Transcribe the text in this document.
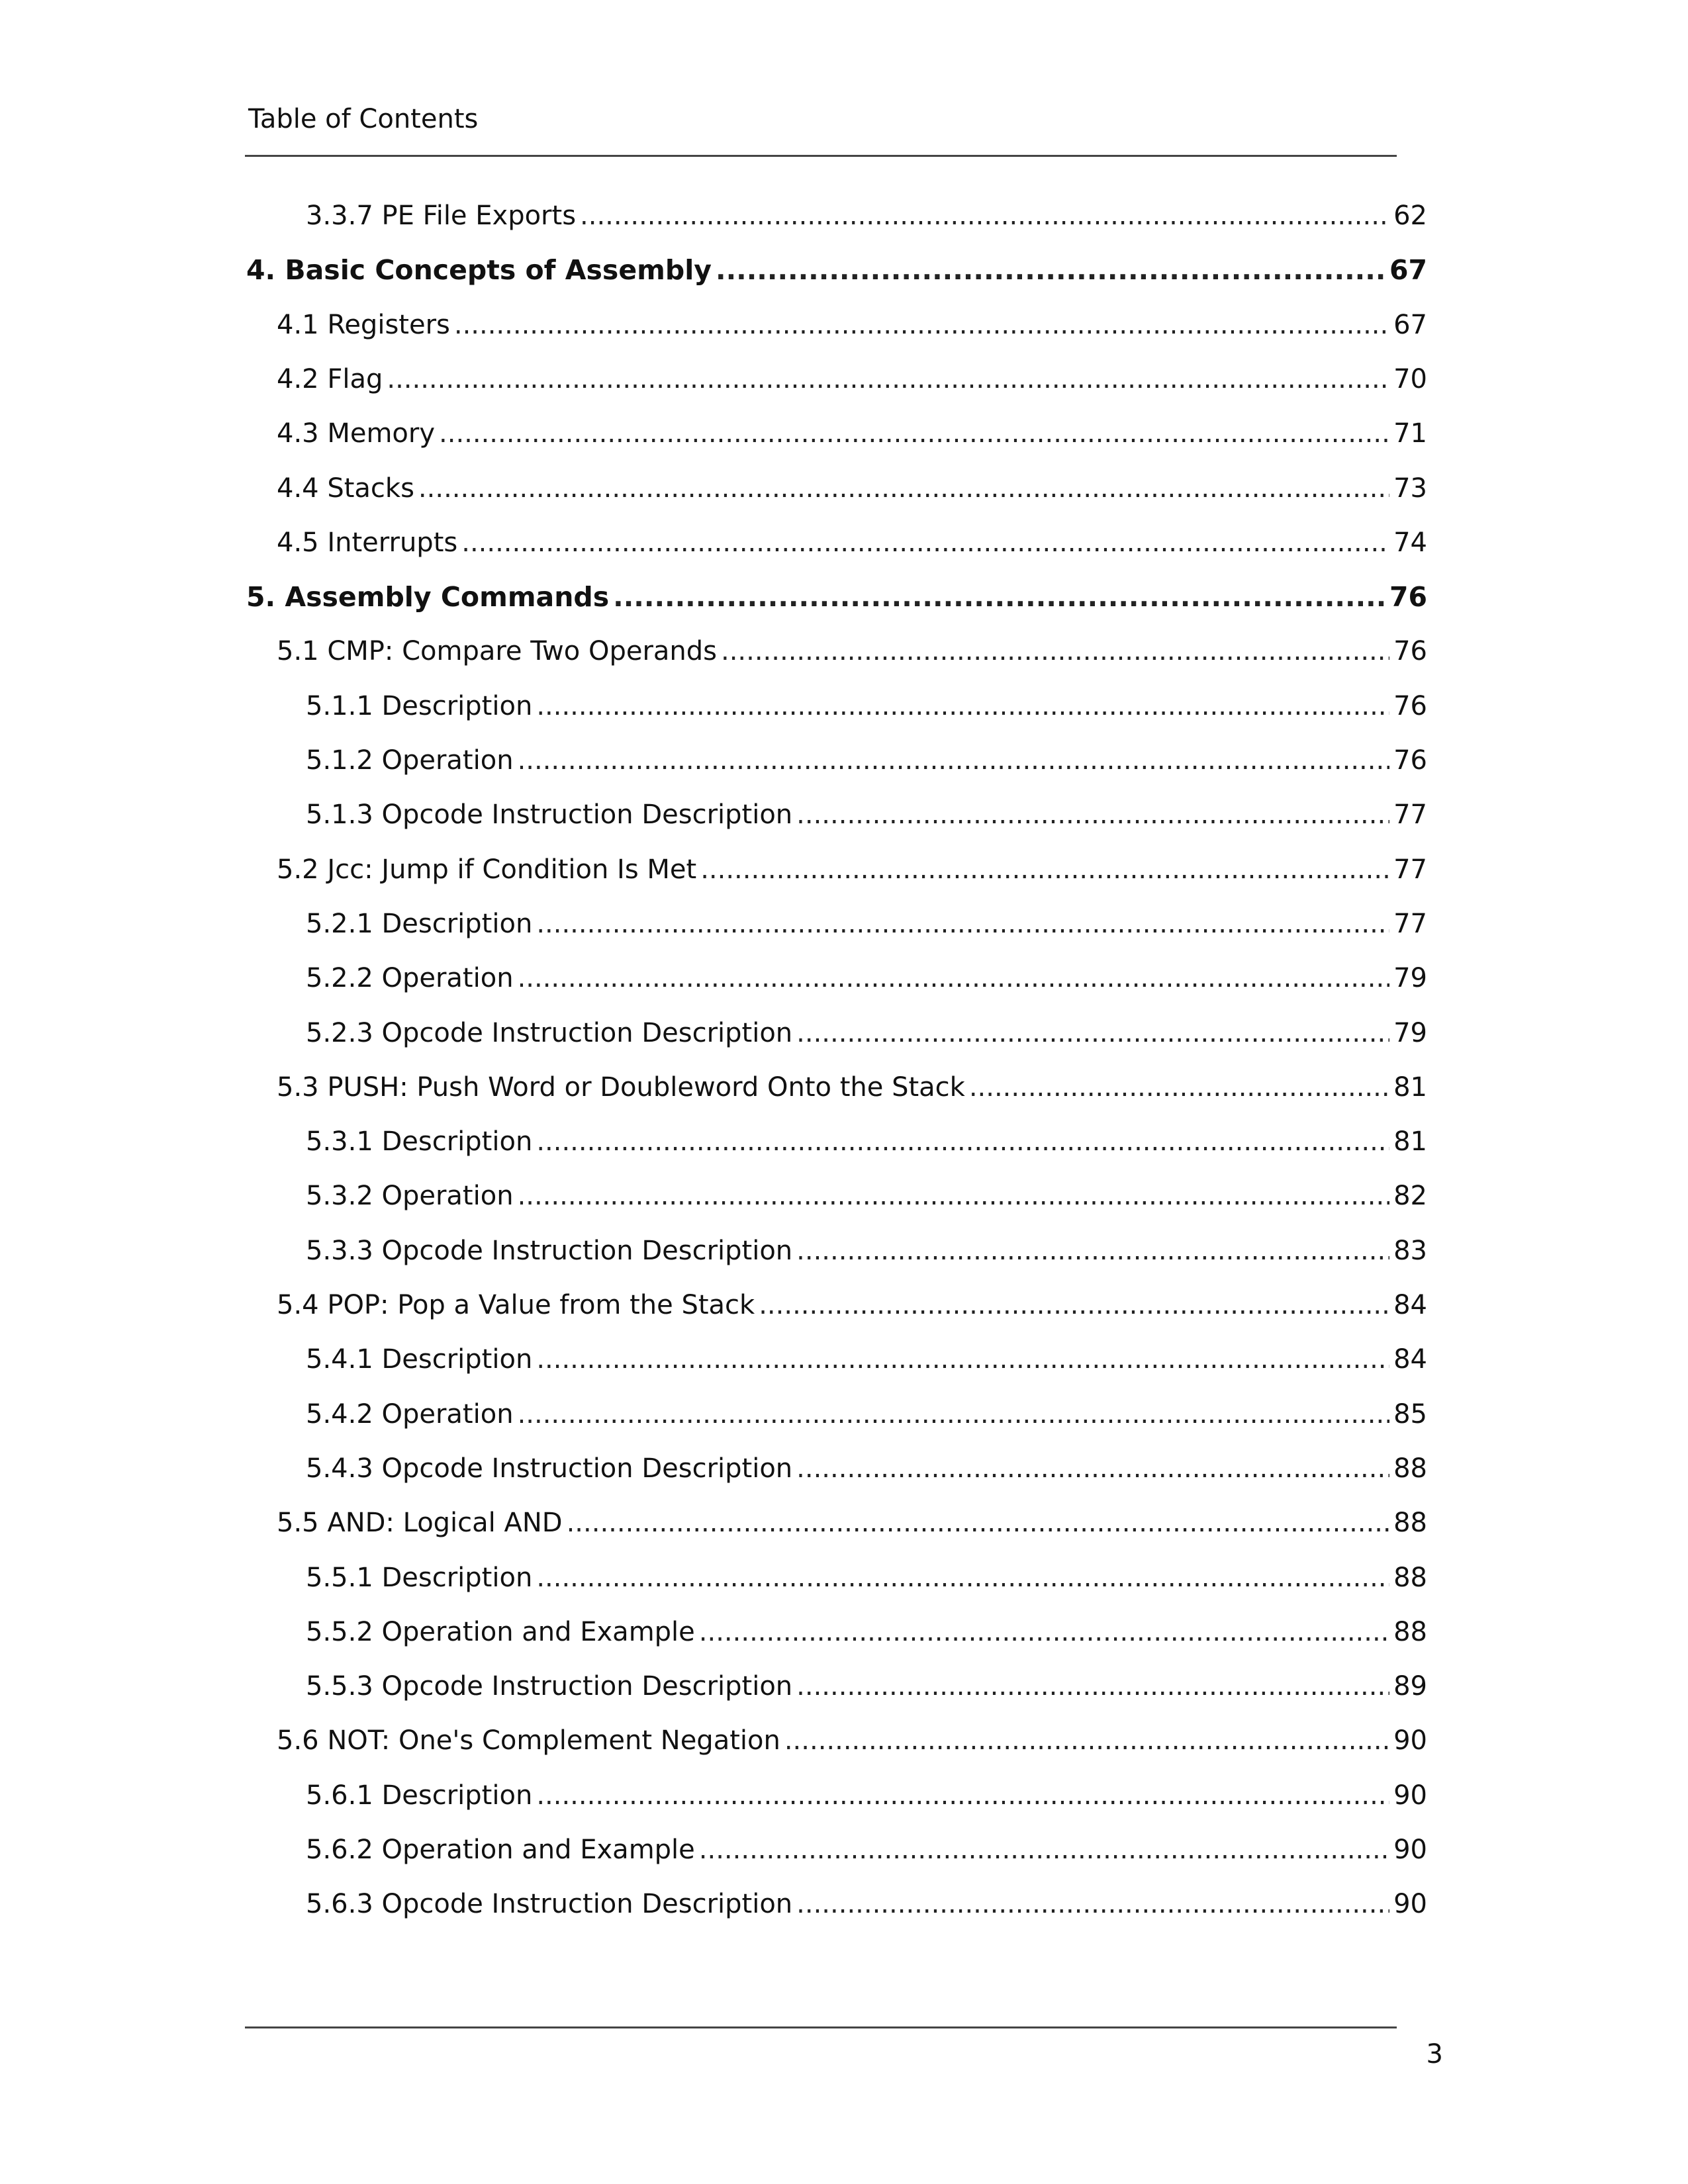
Table of Contents
3.3.7 PE File Exports .....	62
4. Basic Concepts of Assembly .....	67
4.1 Registers .....	67
4.2 Flag .....	70
4.3 Memory .....	71
4.4 Stacks .....	73
4.5 Interrupts .....	74
5. Assembly Commands .....	76
5.1 CMP: Compare Two Operands .....	76
5.1.1 Description .....	76
5.1.2 Operation .....	76
5.1.3 Opcode Instruction Description .....	77
5.2 Jcc: Jump if Condition Is Met .....	77
5.2.1 Description .....	77
5.2.2 Operation .....	79
5.2.3 Opcode Instruction Description .....	79
5.3 PUSH: Push Word or Doubleword Onto the Stack .....	81
5.3.1 Description .....	81
5.3.2 Operation .....	82
5.3.3 Opcode Instruction Description .....	83
5.4 POP: Pop a Value from the Stack .....	84
5.4.1 Description .....	84
5.4.2 Operation .....	85
5.4.3 Opcode Instruction Description .....	88
5.5 AND: Logical AND .....	88
5.5.1 Description .....	88
5.5.2 Operation and Example .....	88
5.5.3 Opcode Instruction Description .....	89
5.6 NOT: One's Complement Negation .....	90
5.6.1 Description .....	90
5.6.2 Operation and Example .....	90
5.6.3 Opcode Instruction Description .....	90
3
